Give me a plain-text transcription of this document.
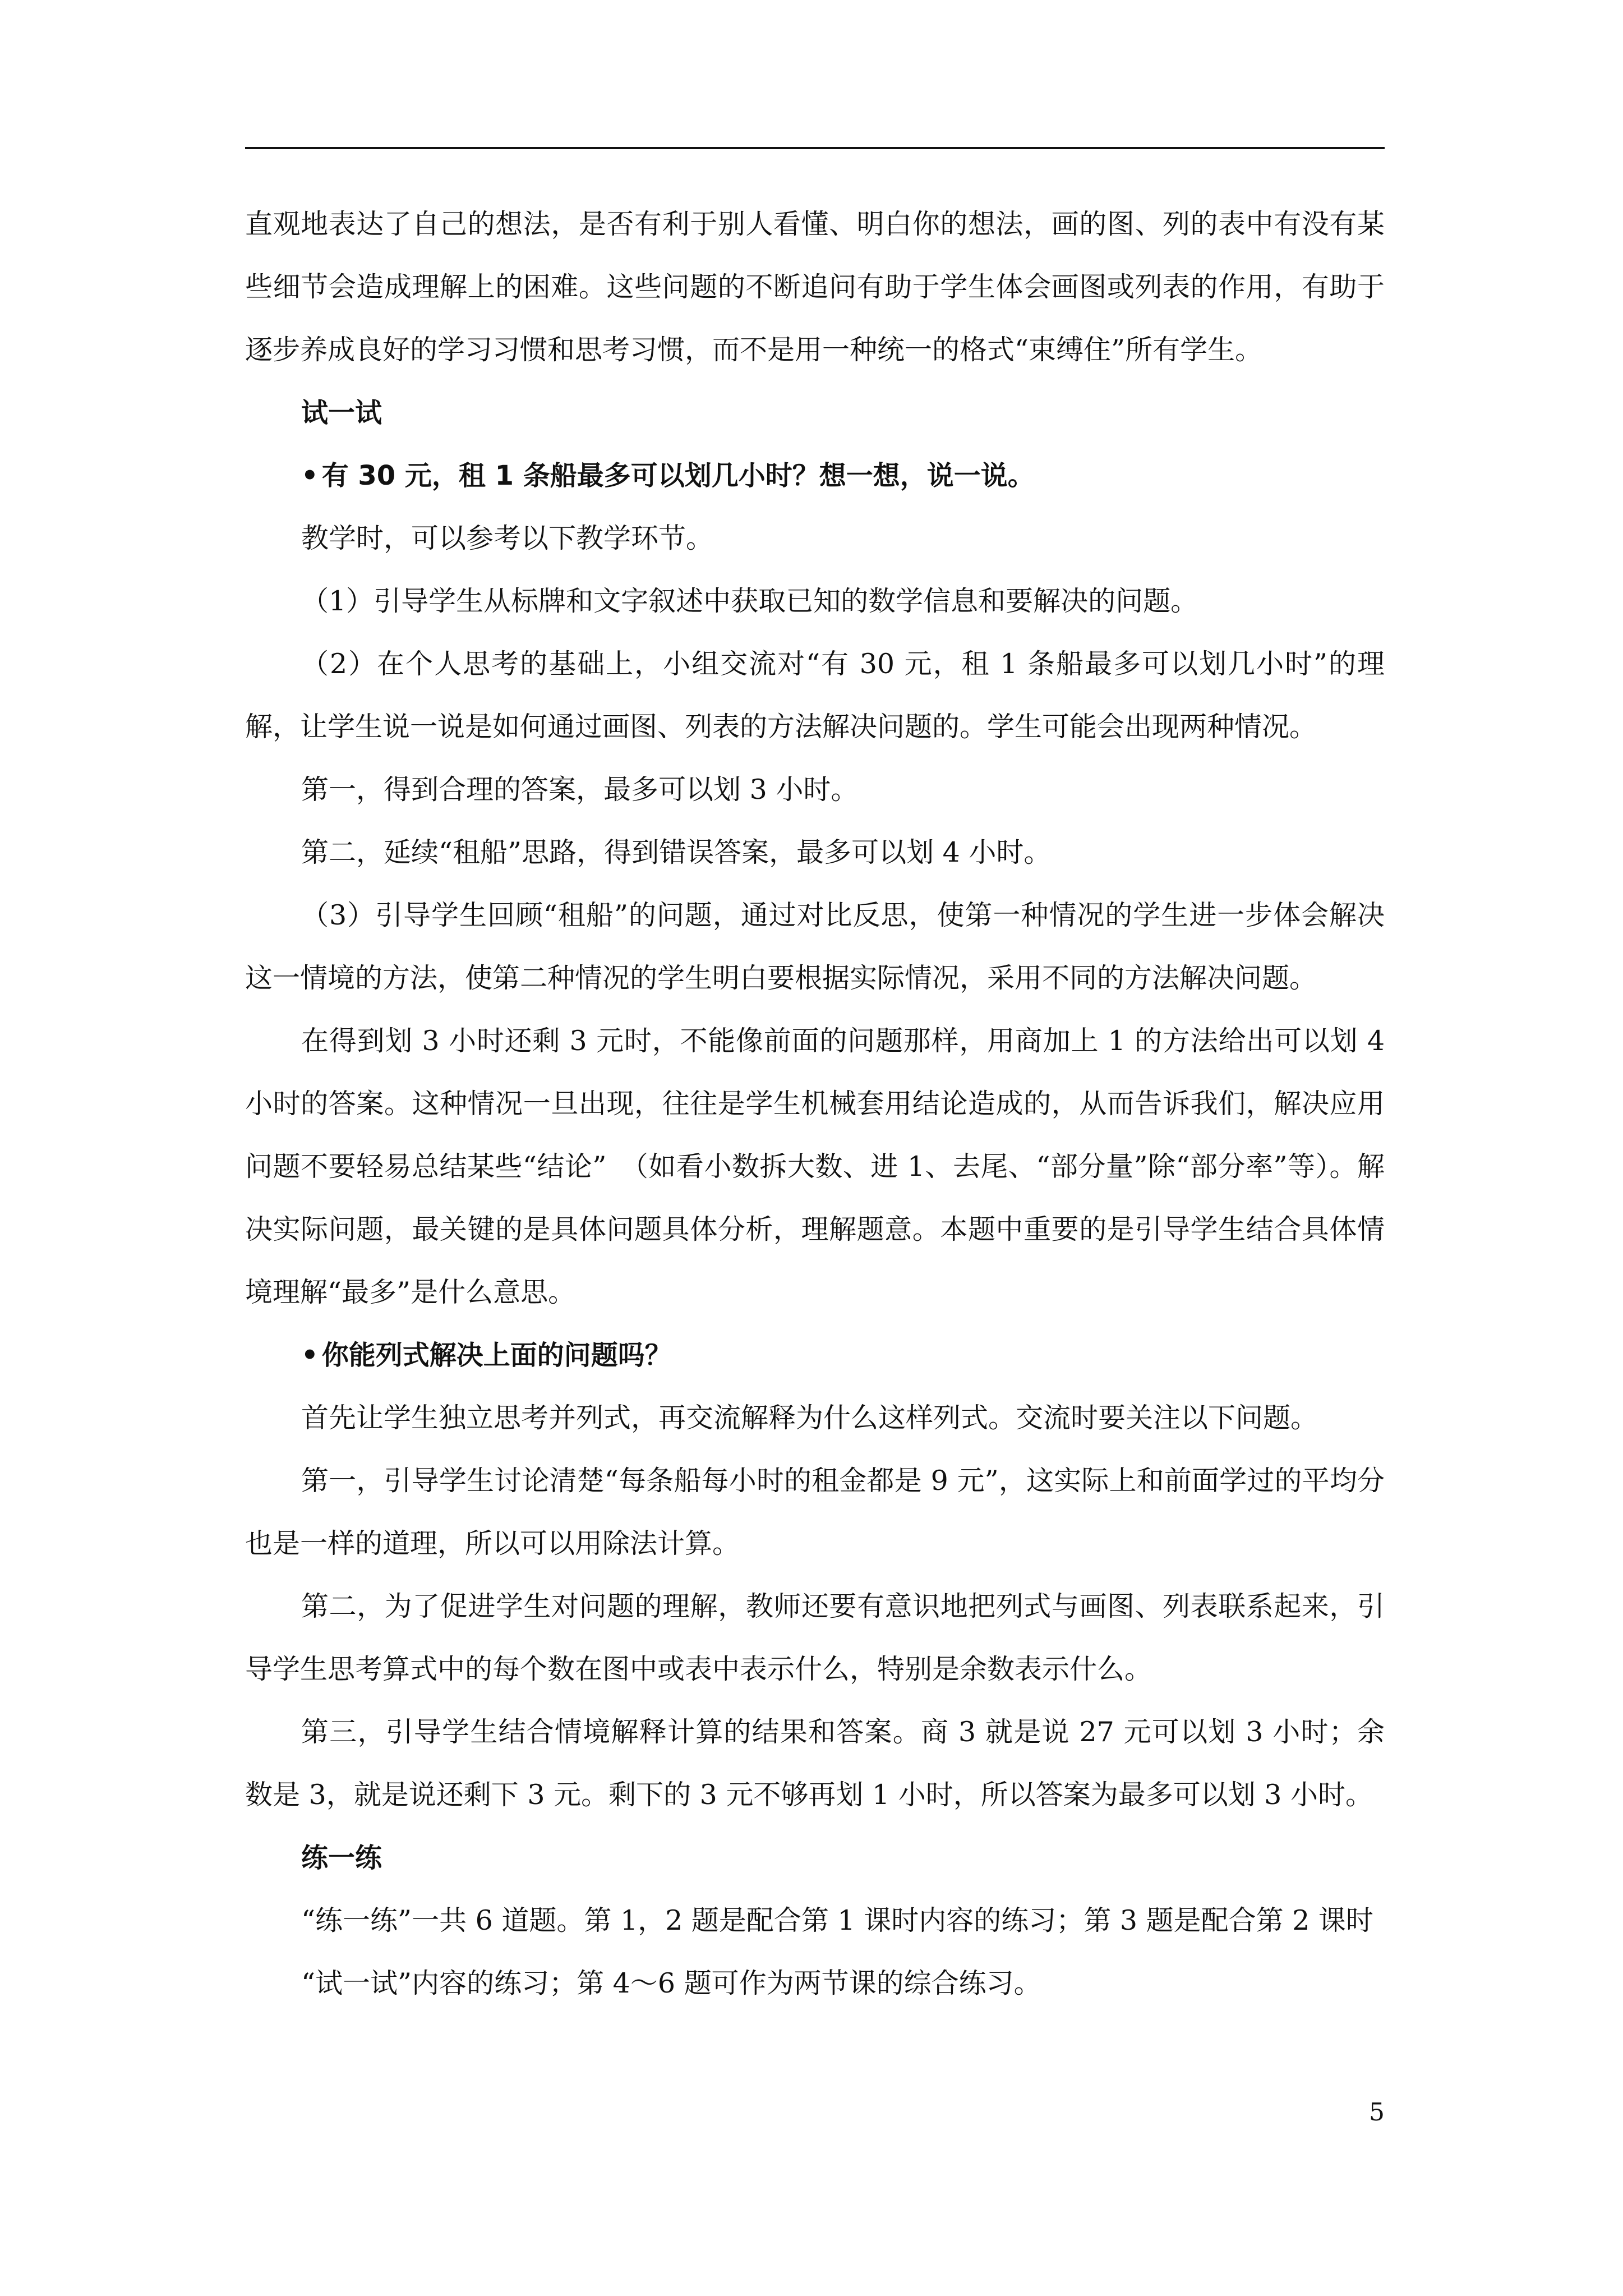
直观地表达了自己的想法，是否有利于别人看懂、明白你的想法，画的图、列的表中有没有某些细节会造成理解上的困难。这些问题的不断追问有助于学生体会画图或列表的作用，有助于逐步养成良好的学习习惯和思考习惯，而不是用一种统一的格式“束缚住”所有学生。

试一试

• 有 30 元，租 1 条船最多可以划几小时？想一想，说一说。

教学时，可以参考以下教学环节。

（1）引导学生从标牌和文字叙述中获取已知的数学信息和要解决的问题。

（2）在个人思考的基础上，小组交流对“有 30 元，租 1 条船最多可以划几小时”的理解，让学生说一说是如何通过画图、列表的方法解决问题的。学生可能会出现两种情况。

第一，得到合理的答案，最多可以划 3 小时。

第二，延续“租船”思路，得到错误答案，最多可以划 4 小时。

（3）引导学生回顾“租船”的问题，通过对比反思，使第一种情况的学生进一步体会解决这一情境的方法，使第二种情况的学生明白要根据实际情况，采用不同的方法解决问题。

在得到划 3 小时还剩 3 元时，不能像前面的问题那样，用商加上 1 的方法给出可以划 4 小时的答案。这种情况一旦出现，往往是学生机械套用结论造成的，从而告诉我们，解决应用问题不要轻易总结某些“结论”　（如看小数拆大数、进 1、去尾、“部分量”除“部分率”等）。解决实际问题，最关键的是具体问题具体分析，理解题意。本题中重要的是引导学生结合具体情境理解“最多”是什么意思。

• 你能列式解决上面的问题吗？

首先让学生独立思考并列式，再交流解释为什么这样列式。交流时要关注以下问题。

第一，引导学生讨论清楚“每条船每小时的租金都是 9 元”，这实际上和前面学过的平均分也是一样的道理，所以可以用除法计算。

第二，为了促进学生对问题的理解，教师还要有意识地把列式与画图、列表联系起来，引导学生思考算式中的每个数在图中或表中表示什么，特别是余数表示什么。

第三，引导学生结合情境解释计算的结果和答案。商 3 就是说 27 元可以划 3 小时；余数是 3，就是说还剩下 3 元。剩下的 3 元不够再划 1 小时，所以答案为最多可以划 3 小时。

练一练

“练一练”一共 6 道题。第 1，2 题是配合第 1 课时内容的练习；第 3 题是配合第 2 课时

“试一试”内容的练习；第 4～6 题可作为两节课的综合练习。

5
